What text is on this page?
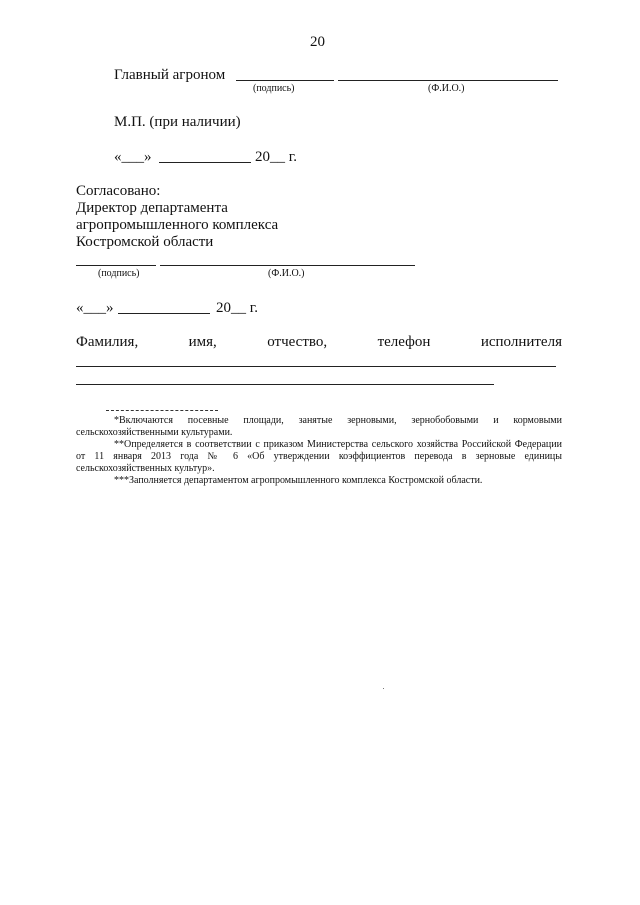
20
Главный агроном
(подпись)	(Ф.И.О.)
М.П. (при наличии)
«___»	20__ г.
Согласовано:
Директор департамента
агропромышленного комплекса
Костромской области
(подпись)	(Ф.И.О.)
«___»	20__ г.
Фамилия,	имя,	отчество,	телефон	исполнителя

*Включаются посевные площади, занятые зерновыми, зернобобовыми и кормовыми сельскохозяйственными культурами.

**Определяется в соответствии с приказом Министерства сельского хозяйства Российской Федерации от 11 января 2013 года № 6 «Об утверждении коэффициентов перевода в зерновые единицы сельскохозяйственных культур».

***Заполняется департаментом агропромышленного комплекса Костромской области.
